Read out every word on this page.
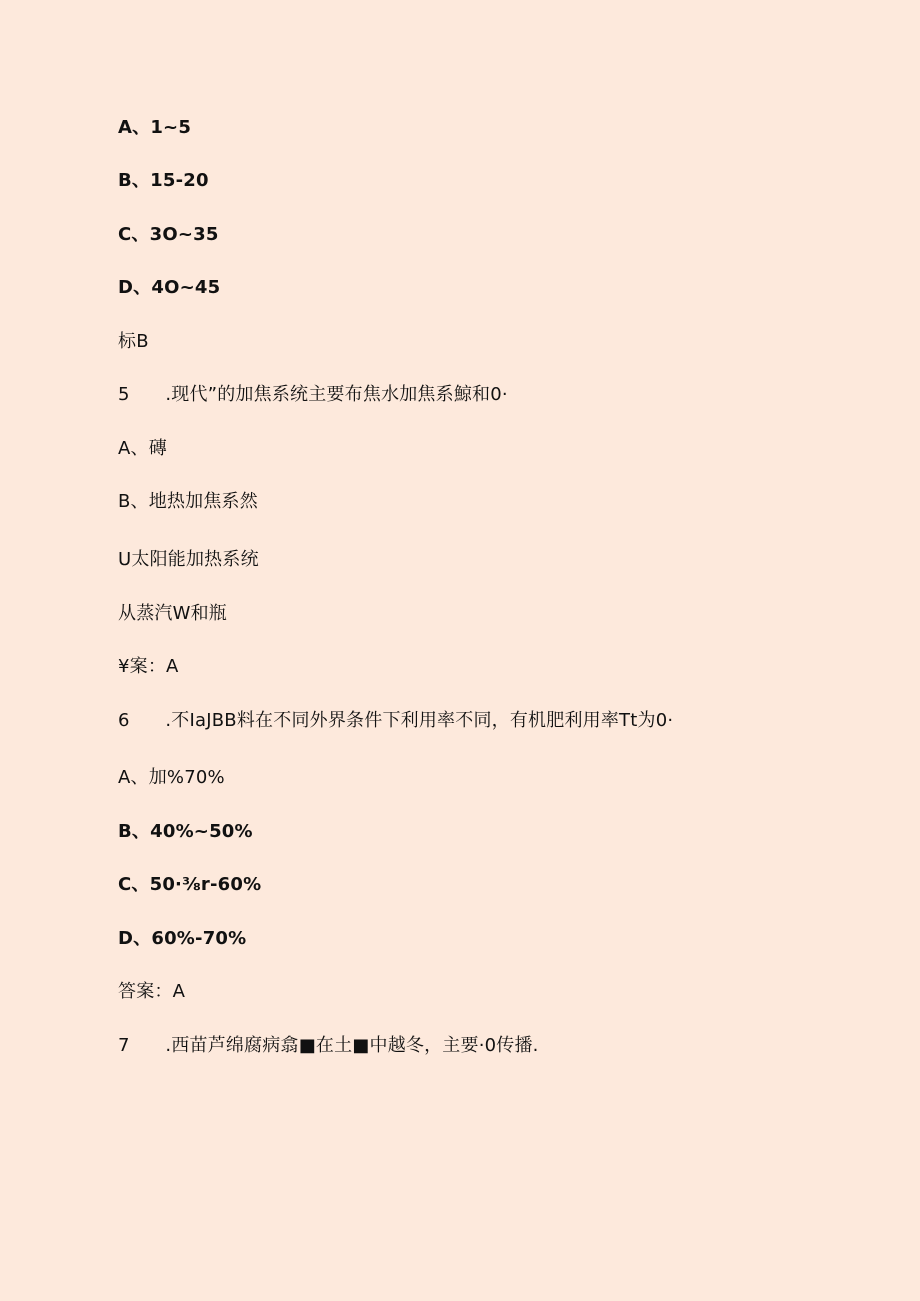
A、1~5
B、15-20
C、3O~35
D、4O~45
标B
5	.现代”的加焦系统主要布焦水加焦系鯨和0·
A、磚
B、地热加焦系然
U太阳能加热系统
从蒸汽W和瓶
¥案：A
6	.不IaJBB料在不同外界条件下利用率不同，有机肥利用率Tt为0·
A、加%70%
B、40%~50%
C、50∙⅜r-60%
D、60%-70%
答案：A
7	.西苗芦绵腐病翕■在土■中越冬，主要·0传播.
